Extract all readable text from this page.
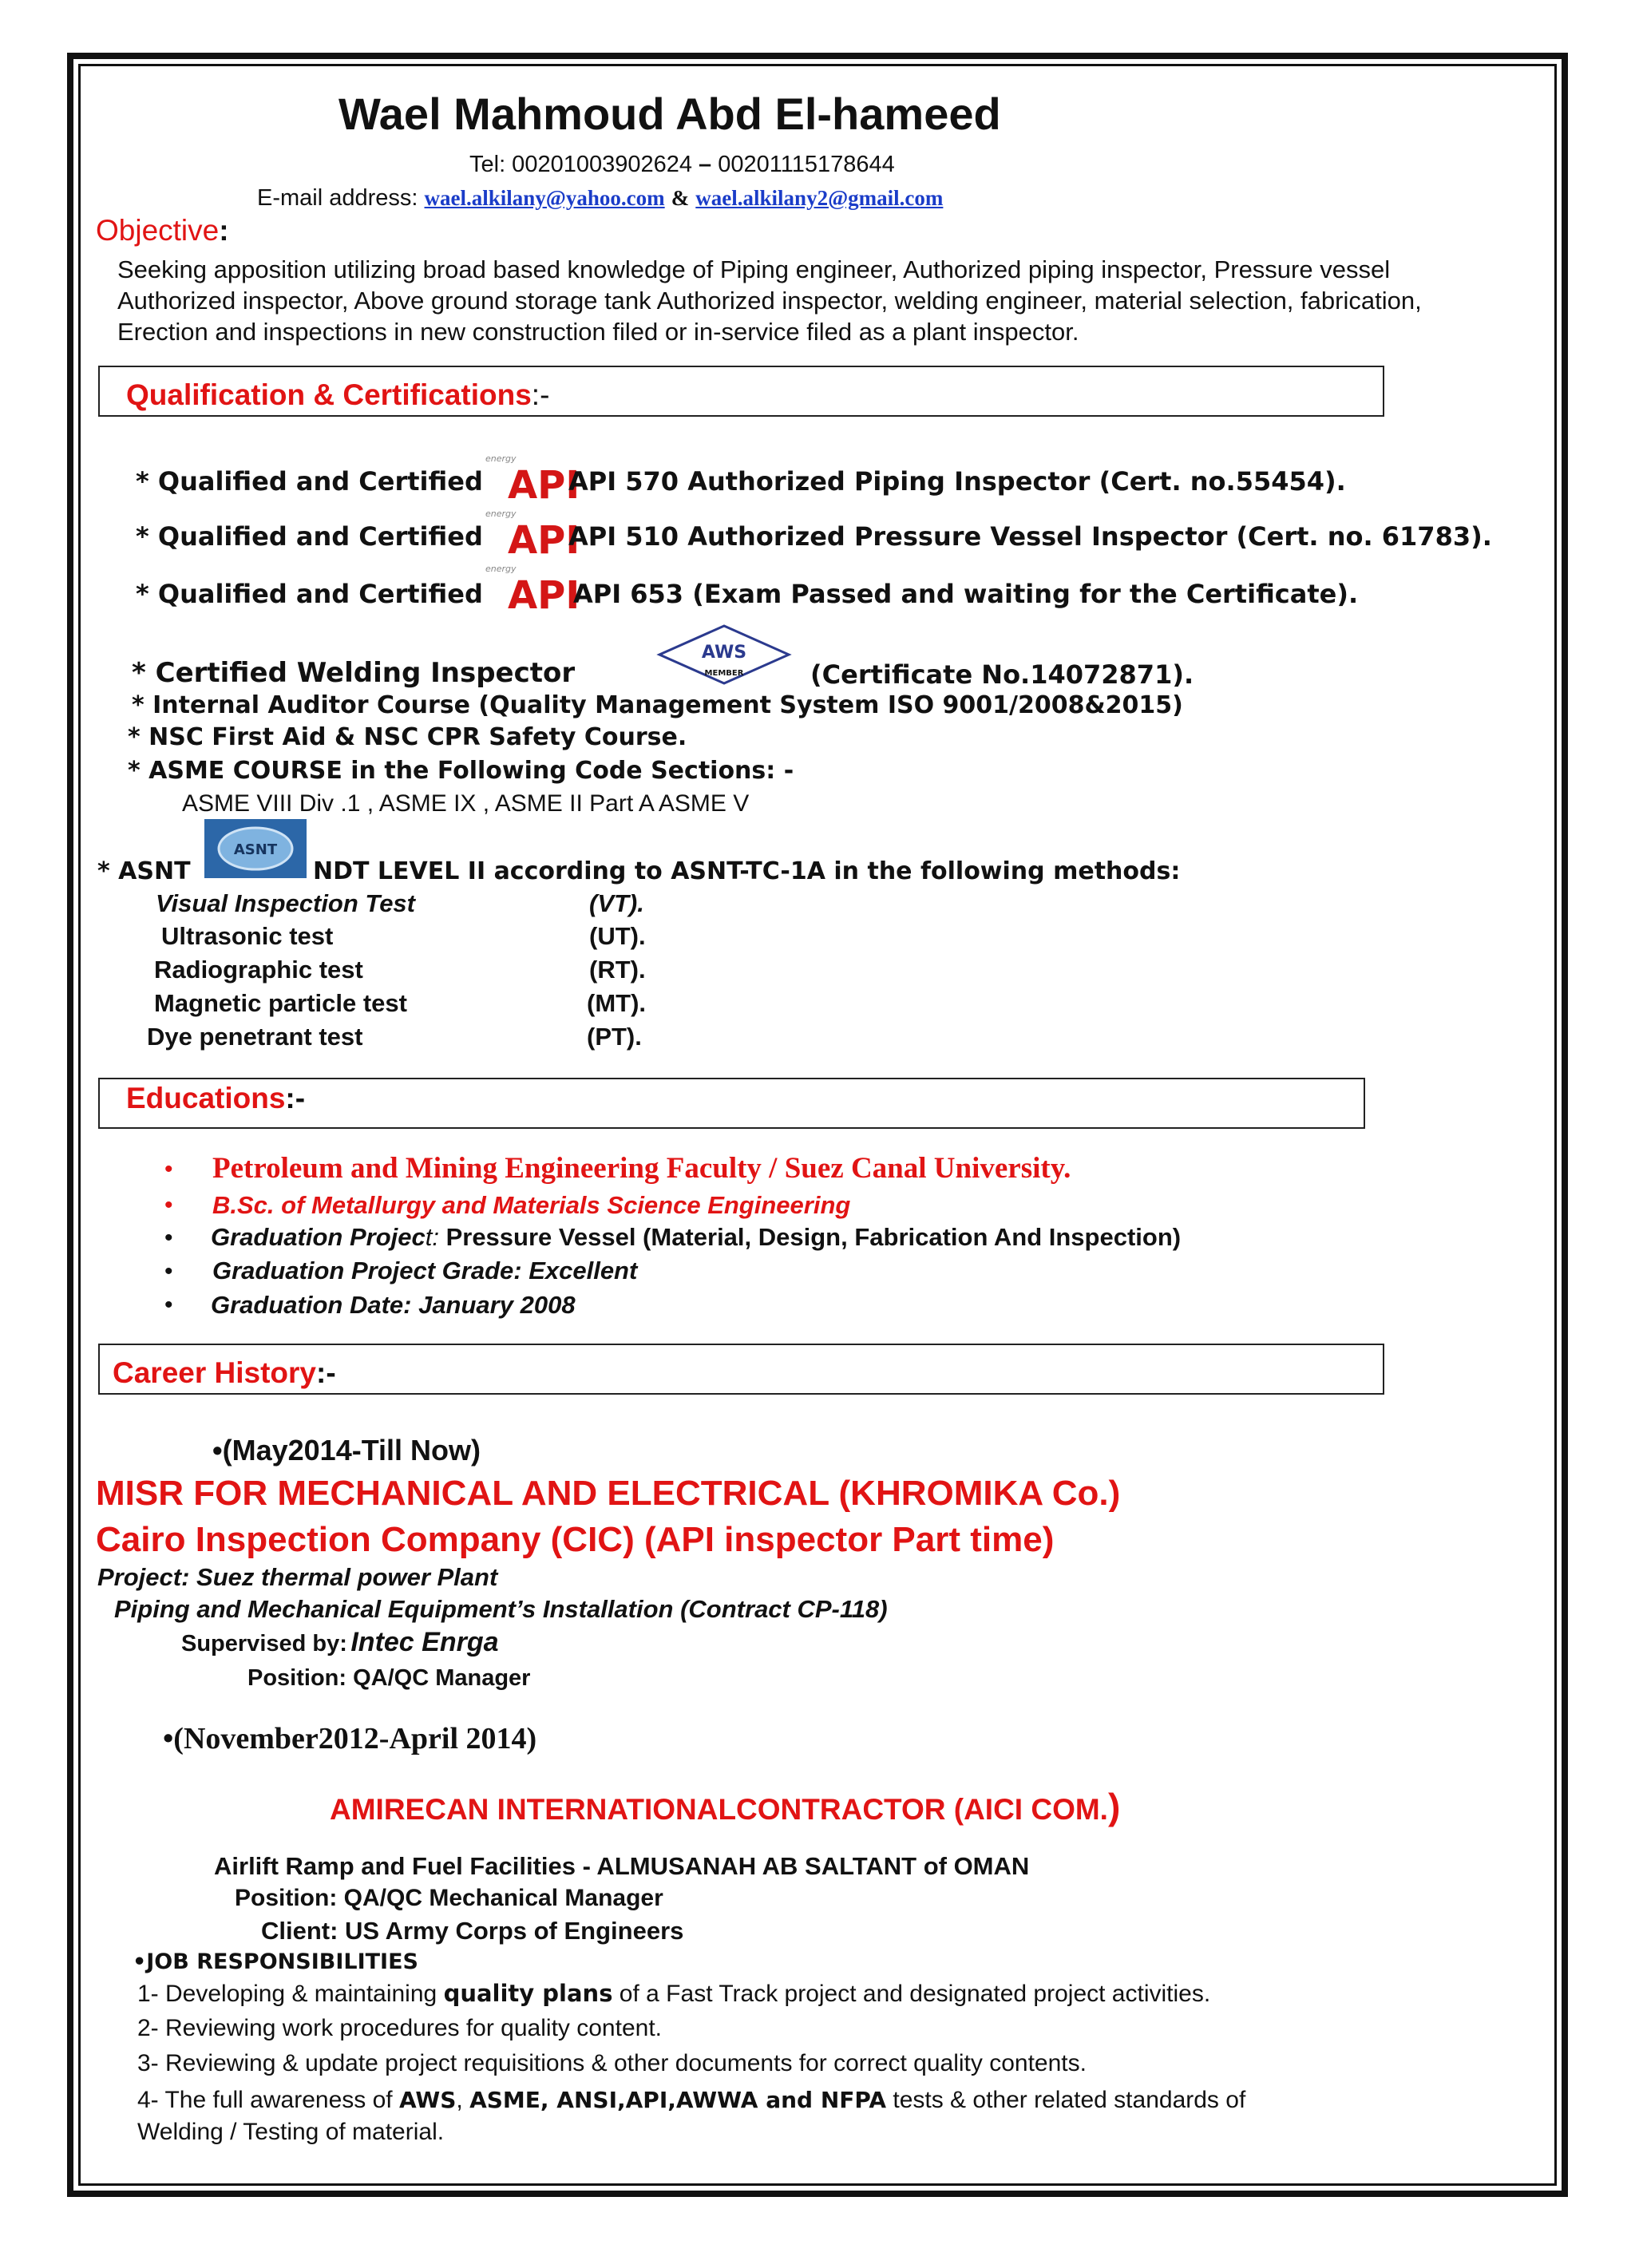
Wael Mahmoud Abd El-hameed
Tel: 00201003902624 – 00201115178644
E-mail address: wael.alkilany@yahoo.com & wael.alkilany2@gmail.com
Objective:
Seeking apposition utilizing broad based knowledge of Piping engineer, Authorized piping inspector, Pressure vessel
Authorized inspector, Above ground storage tank Authorized inspector, welding engineer, material selection, fabrication,
Erection and inspections in new construction filed or in-service filed as a plant inspector.
Qualification & Certifications:-
* Qualified and Certified
energy
API
API 570 Authorized Piping Inspector (Cert. no.55454).
* Qualified and Certified
energy
API
API 510 Authorized Pressure Vessel Inspector (Cert. no. 61783).
* Qualified and Certified
energy
API
API 653 (Exam Passed and waiting for the Certificate).
* Certified Welding Inspector
AWS
MEMBER	(Certificate No.14072871).
* Internal Auditor Course (Quality Management System ISO 9001/2008&2015)
* NSC First Aid & NSC CPR Safety Course.
* ASME COURSE in the Following Code Sections: -
ASME VIII Div .1 , ASME IX , ASME II Part A ASME V
* ASNT
ASNT
NDT LEVEL II according to ASNT-TC-1A in the following methods:
Visual Inspection Test	(VT).
Ultrasonic test	(UT).
Radiographic test	(RT).
Magnetic particle test	(MT).
Dye penetrant test	(PT).
Educations:-
• Petroleum and Mining Engineering Faculty / Suez Canal University.
• B.Sc. of Metallurgy and Materials Science Engineering
• Graduation Project: Pressure Vessel (Material, Design, Fabrication And Inspection)
• Graduation Project Grade: Excellent
• Graduation Date: January 2008
Career History:-
•(May2014-Till Now)
MISR FOR MECHANICAL AND ELECTRICAL (KHROMIKA Co.)
Cairo Inspection Company (CIC) (API inspector Part time)
Project: Suez thermal power Plant
Piping and Mechanical Equipment’s Installation (Contract CP-118)
Supervised by: Intec Enrga
Position: QA/QC Manager
•(November2012-April 2014)
AMIRECAN INTERNATIONALCONTRACTOR (AICI COM.)
Airlift Ramp and Fuel Facilities - ALMUSANAH AB SALTANT of OMAN
Position: QA/QC Mechanical Manager
Client: US Army Corps of Engineers
•JOB RESPONSIBILITIES
1- Developing & maintaining quality plans of a Fast Track project and designated project activities.
2- Reviewing work procedures for quality content.
3- Reviewing & update project requisitions & other documents for correct quality contents.
4- The full awareness of AWS, ASME, ANSI,API,AWWA and NFPA tests & other related standards of
Welding / Testing of material.
